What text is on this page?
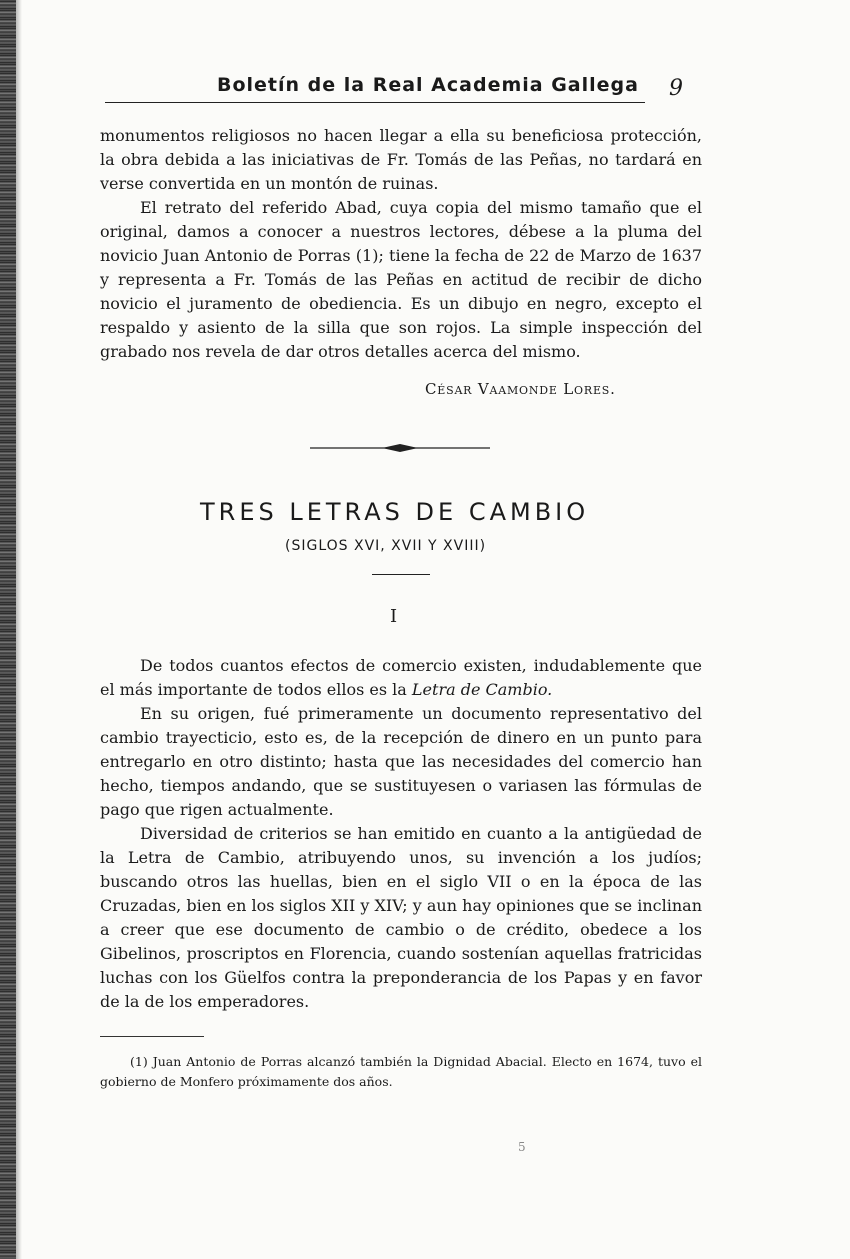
Boletín de la Real Academia Gallega 9

monumentos religiosos no hacen llegar a ella su beneficiosa protección, la obra debida a las iniciativas de Fr. Tomás de las Peñas, no tardará en verse convertida en un montón de ruinas.

El retrato del referido Abad, cuya copia del mismo tamaño que el original, damos a conocer a nuestros lectores, débese a la pluma del novicio Juan Antonio de Porras (1); tiene la fecha de 22 de Marzo de 1637 y representa a Fr. Tomás de las Peñas en actitud de recibir de dicho novicio el juramento de obediencia. Es un dibujo en negro, excepto el respaldo y asiento de la silla que son rojos. La simple inspección del grabado nos revela de dar otros detalles acerca del mismo.

César Vaamonde Lores.
TRES LETRAS DE CAMBIO
(SIGLOS XVI, XVII Y XVIII)
I

De todos cuantos efectos de comercio existen, indudablemente que el más importante de todos ellos es la Letra de Cambio.

En su origen, fué primeramente un documento representativo del cambio trayecticio, esto es, de la recepción de dinero en un punto para entregarlo en otro distinto; hasta que las necesidades del comercio han hecho, tiempos andando, que se sustituyesen o variasen las fórmulas de pago que rigen actualmente.

Diversidad de criterios se han emitido en cuanto a la antigüedad de la Letra de Cambio, atribuyendo unos, su invención a los judíos; buscando otros las huellas, bien en el siglo VII o en la época de las Cruzadas, bien en los siglos XII y XIV; y aun hay opiniones que se inclinan a creer que ese documento de cambio o de crédito, obedece a los Gibelinos, proscriptos en Florencia, cuando sostenían aquellas fratricidas luchas con los Güelfos contra la preponderancia de los Papas y en favor de la de los emperadores.

(1) Juan Antonio de Porras alcanzó también la Dignidad Abacial. Electo en 1674, tuvo el gobierno de Monfero próximamente dos años.

5
